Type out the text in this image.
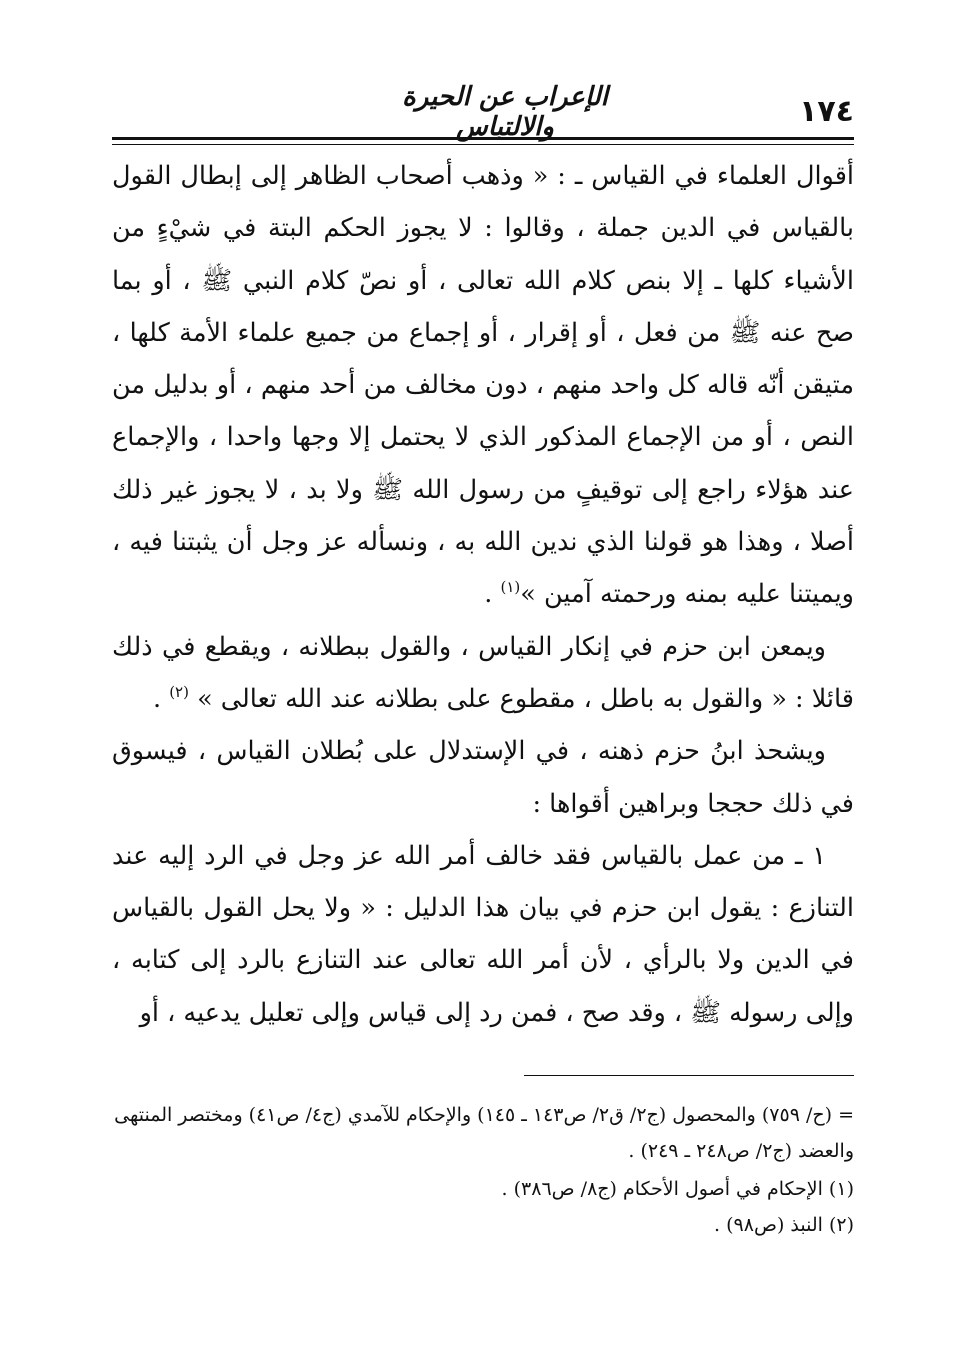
١٧٤
الإعراب عن الحيرة والالتباس

أقوال العلماء في القياس ـ : « وذهب أصحاب الظاهر إلى إبطال القول بالقياس في الدين جملة ، وقالوا : لا يجوز الحكم البتة في شيْءٍ من الأشياء كلها ـ إلا بنص كلام الله تعالى ، أو نصّ كلام النبي ﷺ ، أو بما صح عنه ﷺ من فعل ، أو إقرار ، أو إجماع من جميع علماء الأمة كلها ، متيقن أنّه قاله كل واحد منهم ، دون مخالف من أحد منهم ، أو بدليل من النص ، أو من الإجماع المذكور الذي لا يحتمل إلا وجها واحدا ، والإجماع عند هؤلاء راجع إلى توقيفٍ من رسول الله ﷺ ولا بد ، لا يجوز غير ذلك أصلا ، وهذا هو قولنا الذي ندين الله به ، ونسأله عز وجل أن يثبتنا فيه ، ويميتنا عليه بمنه ورحمته آمين »$^{(١)}$ .

ويمعن ابن حزم في إنكار القياس ، والقول ببطلانه ، ويقطع في ذلك قائلا : « والقول به باطل ، مقطوع على بطلانه عند الله تعالى » $^{(٢)}$ .

ويشحذ ابنُ حزم ذهنه ، في الإستدلال على بُطلان القياس ، فيسوق في ذلك حججا وبراهين أقواها :

١ ـ من عمل بالقياس فقد خالف أمر الله عز وجل في الرد إليه عند التنازع : يقول ابن حزم في بيان هذا الدليل : « ولا يحل القول بالقياس في الدين ولا بالرأي ، لأن أمر الله تعالى عند التنازع بالرد إلى كتابه ، وإلى رسوله ﷺ ، وقد صح ، فمن رد إلى قياس وإلى تعليل يدعيه ، أو

= (ح/ ٧٥٩) والمحصول (ج٢/ ق٢/ ص١٤٣ ـ ١٤٥) والإحكام للآمدي (ج٤/ ص٤١) ومختصر المنتهى والعضد (ج٢/ ص٢٤٨ ـ ٢٤٩) .

(١) الإحكام في أصول الأحكام (ج٨/ ص٣٨٦) .

(٢) النبذ (ص٩٨) .
